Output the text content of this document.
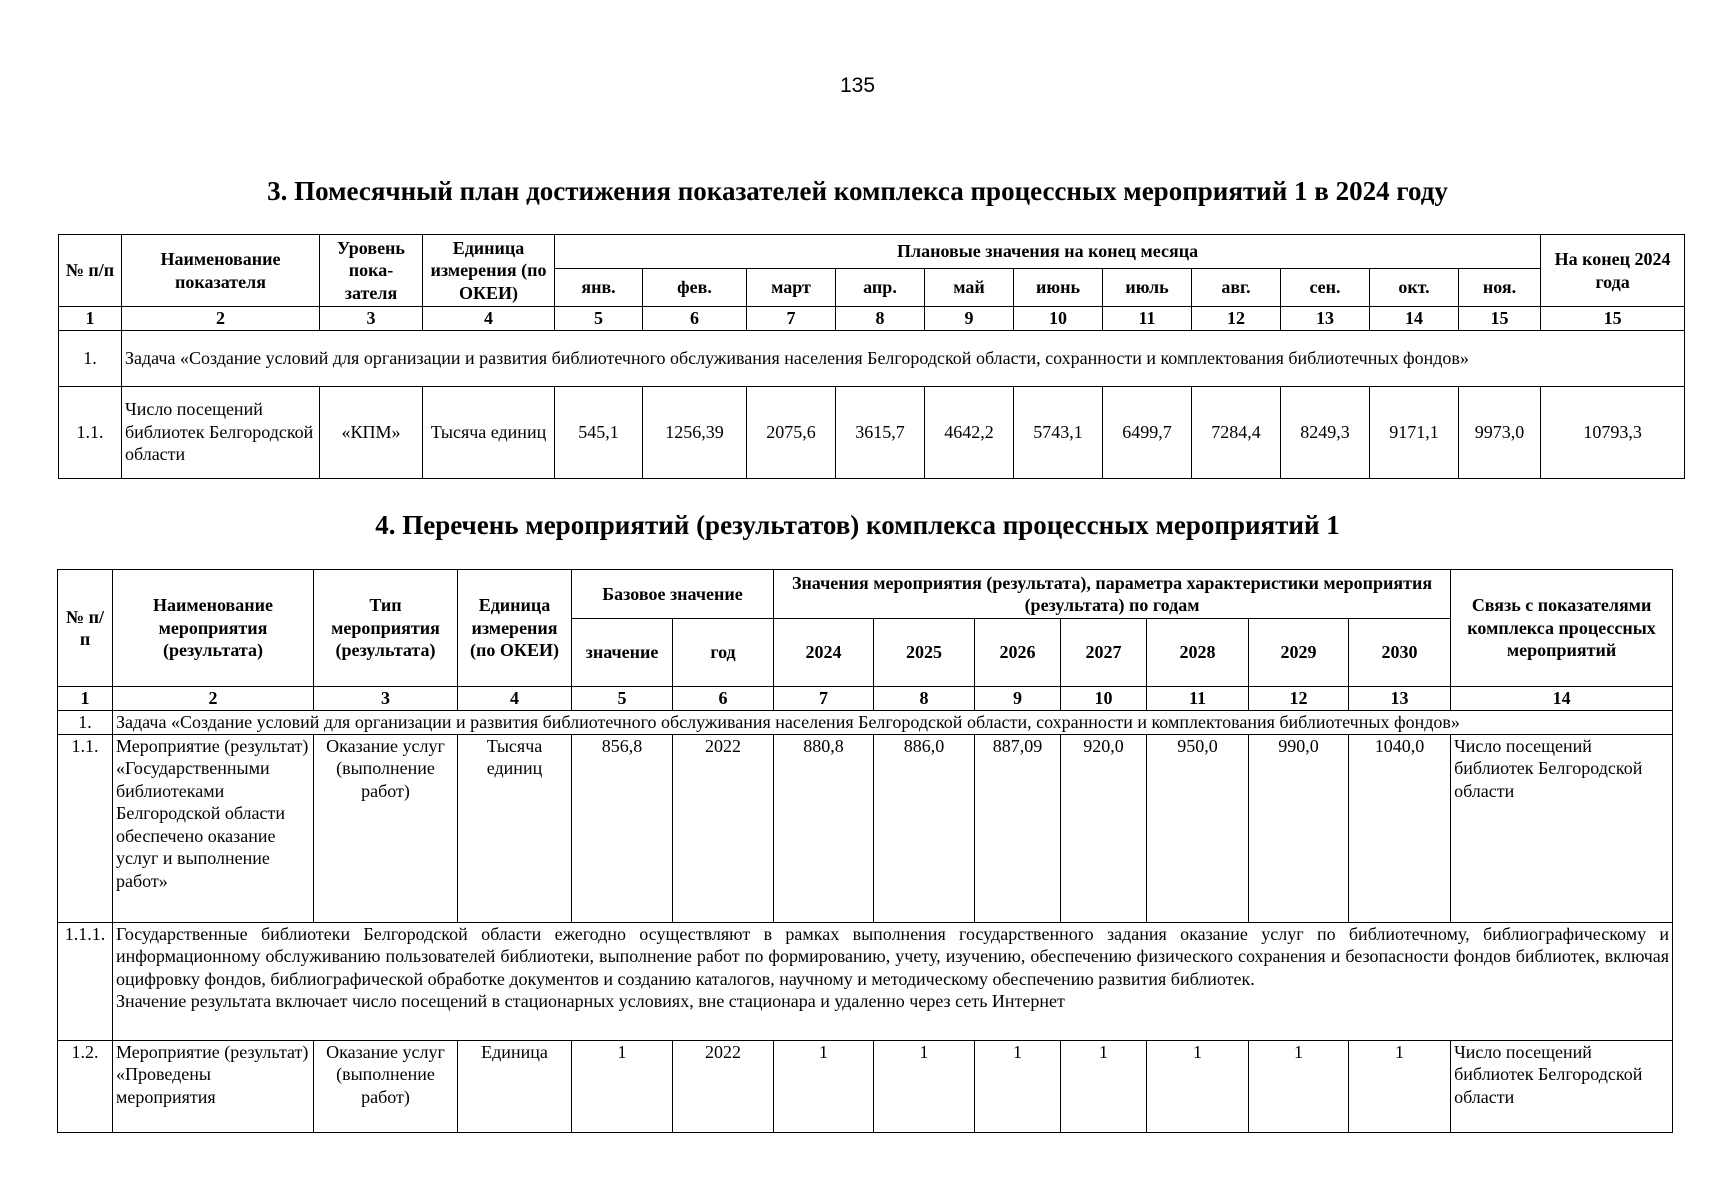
135
3. Помесячный план достижения показателей комплекса процессных мероприятий 1 в 2024 году
№ п/п	Наименование показателя	Уровень пока-зателя	Единица измерения (по ОКЕИ)	Плановые значения на конец месяца											На конец 2024 года
				янв.	фев.	март	апр.	май	июнь	июль	авг.	сен.	окт.	ноя.	
1	2	3	4	5	6	7	8	9	10	11	12	13	14	15	15
1.	Задача «Создание условий для организации и развития библиотечного обслуживания населения Белгородской области, сохранности и комплектования библиотечных фондов»														
1.1.	Число посещений библиотек Белгородской области	«КПМ»	Тысяча единиц	545,1	1256,39	2075,6	3615,7	4642,2	5743,1	6499,7	7284,4	8249,3	9171,1	9973,0	10793,3
4. Перечень мероприятий (результатов) комплекса процессных мероприятий 1
№ п/п	Наименование мероприятия (результата)	Тип мероприятия (результата)	Единица измерения (по ОКЕИ)	Базовое значение		Значения мероприятия (результата), параметра характеристики мероприятия (результата) по годам							Связь с показателями комплекса процессных мероприятий
				значение	год	2024	2025	2026	2027	2028	2029	2030	
1	2	3	4	5	6	7	8	9	10	11	12	13	14
1.	Задача «Создание условий для организации и развития библиотечного обслуживания населения Белгородской области, сохранности и комплектования библиотечных фондов»												
1.1.	Мероприятие (результат) «Государственными библиотеками Белгородской области обеспечено оказание услуг и выполнение работ»	Оказание услуг (выполнение работ)	Тысяча единиц	856,8	2022	880,8	886,0	887,09	920,0	950,0	990,0	1040,0	Число посещений библиотек Белгородской области
1.1.1.	Государственные библиотеки Белгородской области ежегодно осуществляют в рамках выполнения государственного задания оказание услуг по библиотечному, библиографическому и информационному обслуживанию пользователей библиотеки, выполнение работ по формированию, учету, изучению, обеспечению физического сохранения и безопасности фондов библиотек, включая оцифровку фондов, библиографической обработке документов и созданию каталогов, научному и методическому обеспечению развития библиотек.
Значение результата включает число посещений в стационарных условиях, вне стационара и удаленно через сеть Интернет												

1.2.	Мероприятие (результат) «Проведены мероприятия	Оказание услуг (выполнение работ)	Единица	1	2022	1	1	1	1	1	1	1	Число посещений библиотек Белгородской области
